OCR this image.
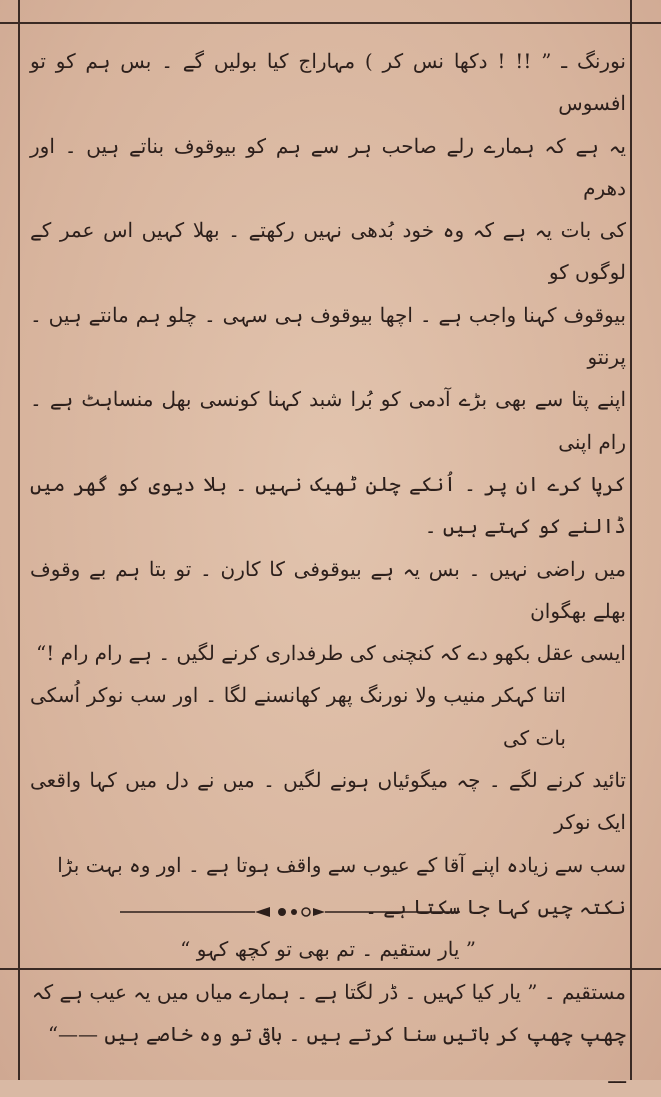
نورنگ ـ ” !! ! دکھا نس کر ) مہاراج کیا بولیں گے ۔ بس ہم کو تو افسوس

یہ ہے کہ ہمارے رلے صاحب ہر سے ہم کو بیوقوف بناتے ہیں ۔ اور دھرم

کی بات یہ ہے کہ وہ خود بُدھی نہیں رکھتے ۔ بھلا کہیں اس عمر کے لوگوں کو

بیوقوف کہنا واجب ہے ۔ اچھا بیوقوف ہی سہی ۔ چلو ہم مانتے ہیں ۔ پرنتو

اپنے پتا سے بھی بڑے آدمی کو بُرا شبد کہنا کونسی بھل منساہٹ ہے ۔ رام اپنی

کرپا کرے ان پر ۔ اُنکے چلن ٹھیک نہیں ۔ بلا دیوی کو گھر میں ڈالنے کو کہتے ہیں ۔

میں راضی نہیں ۔ بس یہ ہے بیوقوفی کا کارن ۔ تو بتا ہم بے وقوف بھلے بھگوان

ایسی عقل بکھو دے کہ کنچنی کی طرفداری کرنے لگیں ۔ ہے رام رام !“

اتنا کہکر منیب ولا نورنگ پھر کھانسنے لگا ۔ اور سب نوکر اُسکی بات کی

تائید کرنے لگے ۔ چہ میگوئیاں ہونے لگیں ۔ میں نے دل میں کہا واقعی ایک نوکر

سب سے زیادہ اپنے آقا کے عیوب سے واقف ہوتا ہے ۔ اور وہ بہت بڑا

نکتہ چیں کہا جا سکتا ہے ۔

” یار ستقیم ۔ تم بھی تو کچھ کہو “

مستقیم ۔ ” یار کیا کہیں ۔ ڈر لگتا ہے ۔ ہمارے میاں میں یہ عیب ہے کہ

چھپ چھپ کر باتیں سنا کرتے ہیں ۔ باقی تو وہ خاصے ہیں ——“

ـــ
